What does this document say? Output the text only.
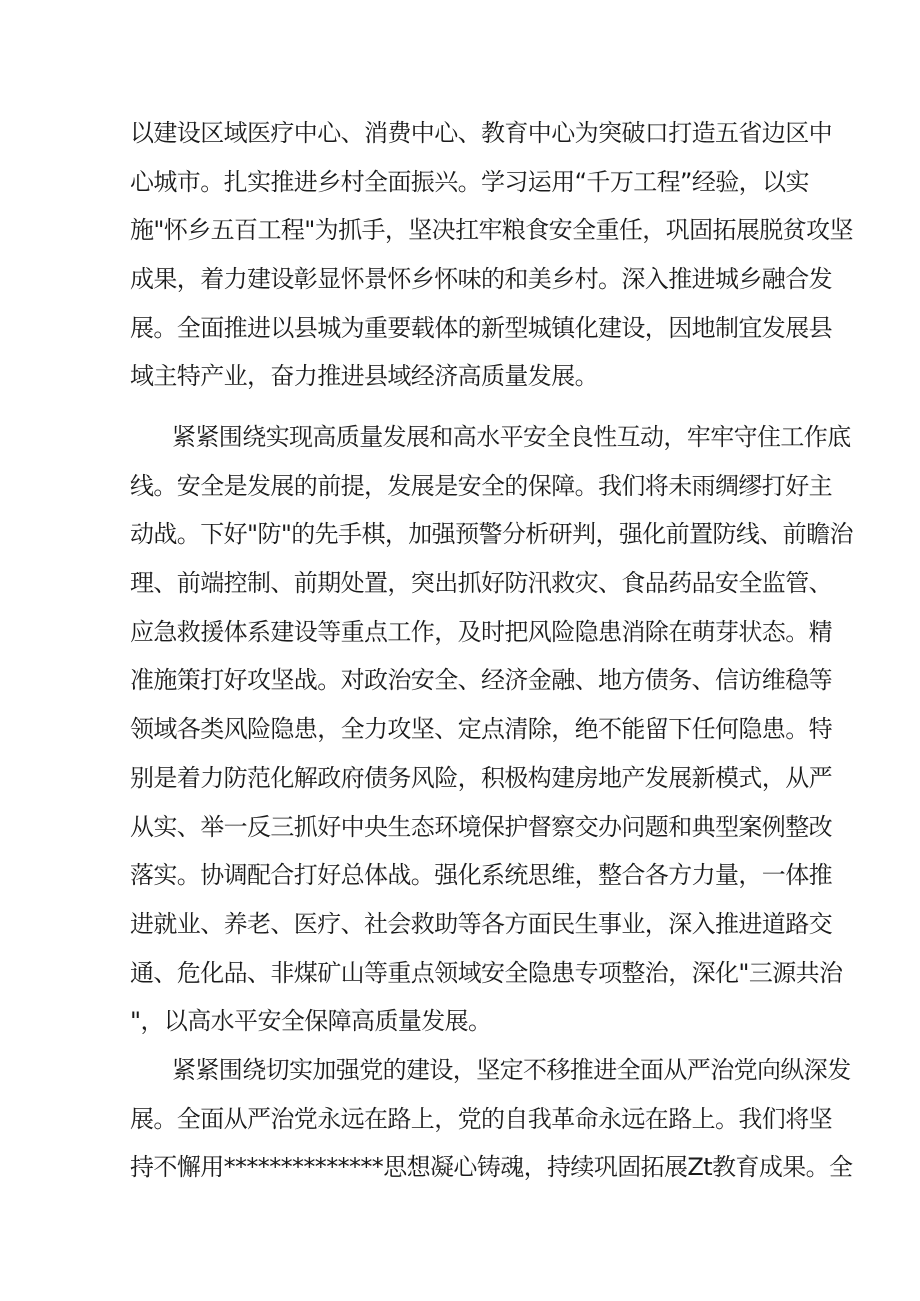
以建设区域医疗中心、消费中心、教育中心为突破口打造五省边区中
心城市。扎实推进乡村全面振兴。学习运用“千万工程”经验，以实
施"怀乡五百工程"为抓手，坚决扛牢粮食安全重任，巩固拓展脱贫攻坚
成果，着力建设彰显怀景怀乡怀味的和美乡村。深入推进城乡融合发
展。全面推进以县城为重要载体的新型城镇化建设，因地制宜发展县
域主特产业，奋力推进县域经济高质量发展。
紧紧围绕实现高质量发展和高水平安全良性互动，牢牢守住工作底
线。安全是发展的前提，发展是安全的保障。我们将未雨绸缪打好主
动战。下好"防"的先手棋，加强预警分析研判，强化前置防线、前瞻治
理、前端控制、前期处置，突出抓好防汛救灾、食品药品安全监管、
应急救援体系建设等重点工作，及时把风险隐患消除在萌芽状态。精
准施策打好攻坚战。对政治安全、经济金融、地方债务、信访维稳等
领域各类风险隐患，全力攻坚、定点清除，绝不能留下任何隐患。特
别是着力防范化解政府债务风险，积极构建房地产发展新模式，从严
从实、举一反三抓好中央生态环境保护督察交办问题和典型案例整改
落实。协调配合打好总体战。强化系统思维，整合各方力量，一体推
进就业、养老、医疗、社会救助等各方面民生事业，深入推进道路交
通、危化品、非煤矿山等重点领域安全隐患专项整治，深化"三源共治
"，以高水平安全保障高质量发展。
紧紧围绕切实加强党的建设，坚定不移推进全面从严治党向纵深发
展。全面从严治党永远在路上，党的自我革命永远在路上。我们将坚
持不懈用**************思想凝心铸魂，持续巩固拓展Zt教育成果。全
